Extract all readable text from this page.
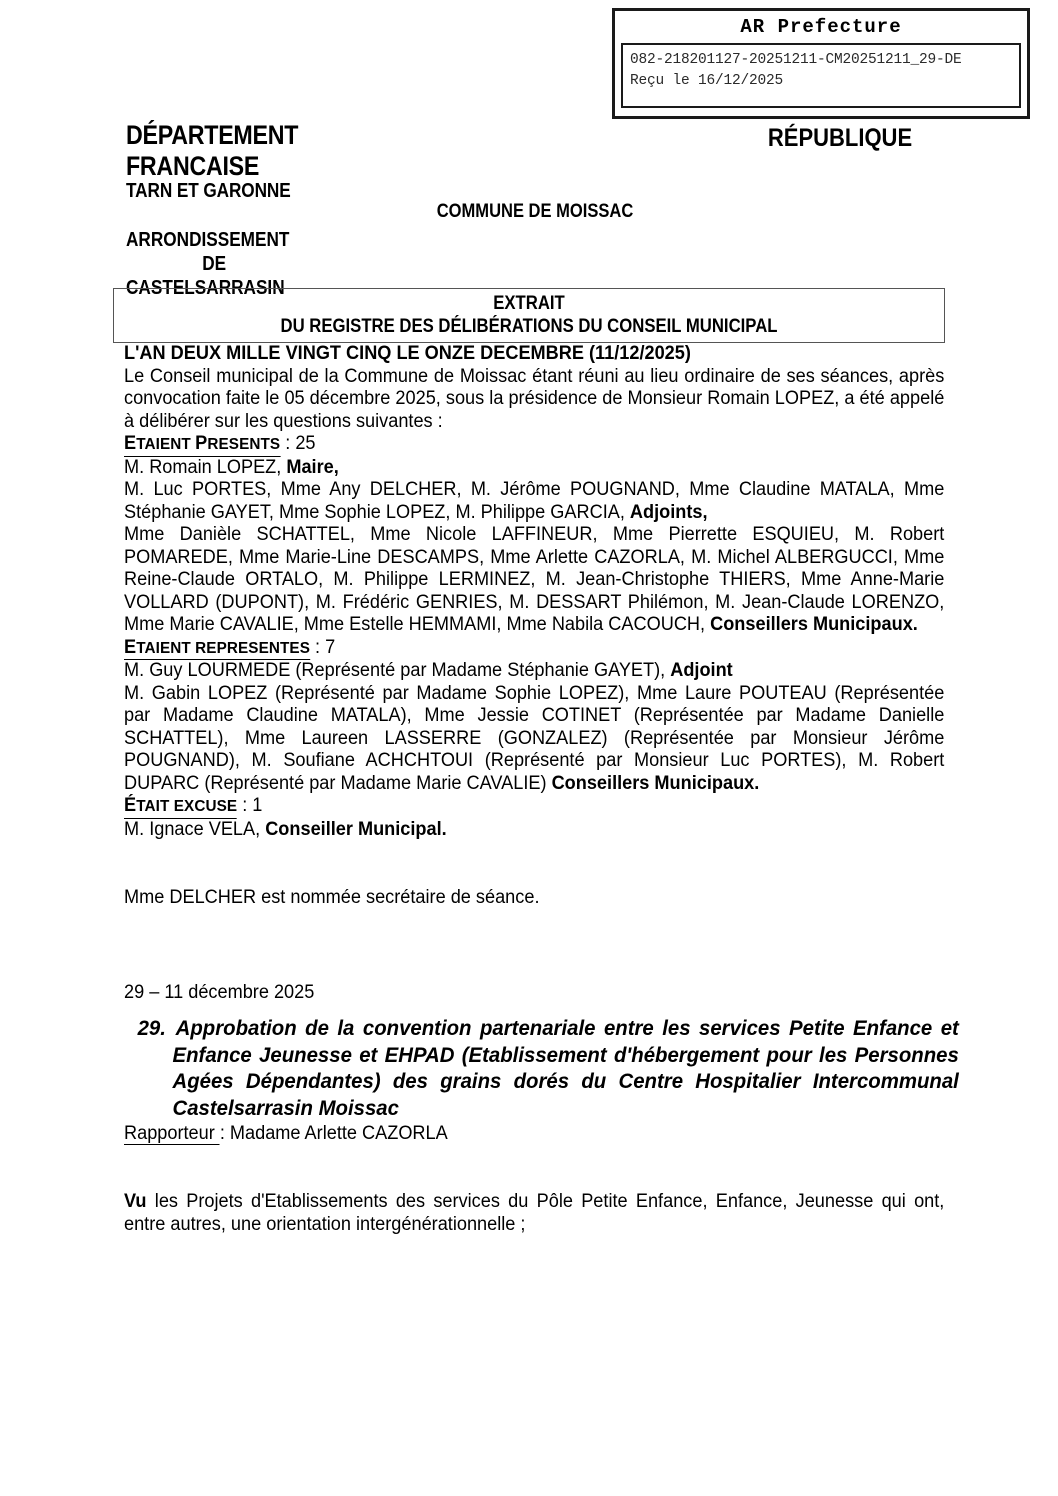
AR Prefecture
082-218201127-20251211-CM20251211_29-DE
Reçu le 16/12/2025
DÉPARTEMENT
FRANCAISE
TARN ET GARONNE
RÉPUBLIQUE
COMMUNE DE MOISSAC
ARRONDISSEMENT
DE
CASTELSARRASIN
EXTRAIT
DU REGISTRE DES DÉLIBÉRATIONS DU CONSEIL MUNICIPAL

L'AN DEUX MILLE VINGT CINQ LE ONZE DECEMBRE (11/12/2025)

Le Conseil municipal de la Commune de Moissac étant réuni au lieu ordinaire de ses séances, après convocation faite le 05 décembre 2025, sous la présidence de Monsieur Romain LOPEZ, a été appelé à délibérer sur les questions suivantes :

ETAIENT PRESENTS : 25

M. Romain LOPEZ, Maire,

M. Luc PORTES, Mme Any DELCHER, M. Jérôme POUGNAND, Mme Claudine MATALA, Mme Stéphanie GAYET, Mme Sophie LOPEZ, M. Philippe GARCIA, Adjoints,

Mme Danièle SCHATTEL, Mme Nicole LAFFINEUR, Mme Pierrette ESQUIEU, M. Robert POMAREDE, Mme Marie-Line DESCAMPS, Mme Arlette CAZORLA, M. Michel ALBERGUCCI, Mme Reine-Claude ORTALO, M. Philippe LERMINEZ, M. Jean-Christophe THIERS, Mme Anne-Marie VOLLARD (DUPONT), M. Frédéric GENRIES, M. DESSART Philémon, M. Jean-Claude LORENZO, Mme Marie CAVALIE, Mme Estelle HEMMAMI, Mme Nabila CACOUCH, Conseillers Municipaux.

ETAIENT REPRESENTES : 7

M. Guy LOURMEDE (Représenté par Madame Stéphanie GAYET), Adjoint

M. Gabin LOPEZ (Représenté par Madame Sophie LOPEZ), Mme Laure POUTEAU (Représentée par Madame Claudine MATALA), Mme Jessie COTINET (Représentée par Madame Danielle SCHATTEL), Mme Laureen LASSERRE (GONZALEZ) (Représentée par Monsieur Jérôme POUGNAND), M. Soufiane ACHCHTOUI (Représenté par Monsieur Luc PORTES), M. Robert DUPARC (Représenté par Madame Marie CAVALIE) Conseillers Municipaux.

ÉTAIT EXCUSE : 1

M. Ignace VELA, Conseiller Municipal.

Mme DELCHER est nommée secrétaire de séance.

29 – 11 décembre 2025

29. Approbation de la convention partenariale entre les services Petite Enfance et Enfance Jeunesse et EHPAD (Etablissement d'hébergement pour les Personnes Agées Dépendantes) des grains dorés du Centre Hospitalier Intercommunal Castelsarrasin Moissac

Rapporteur : Madame Arlette CAZORLA

Vu les Projets d'Etablissements des services du Pôle Petite Enfance, Enfance, Jeunesse qui ont, entre autres, une orientation intergénérationnelle ;
